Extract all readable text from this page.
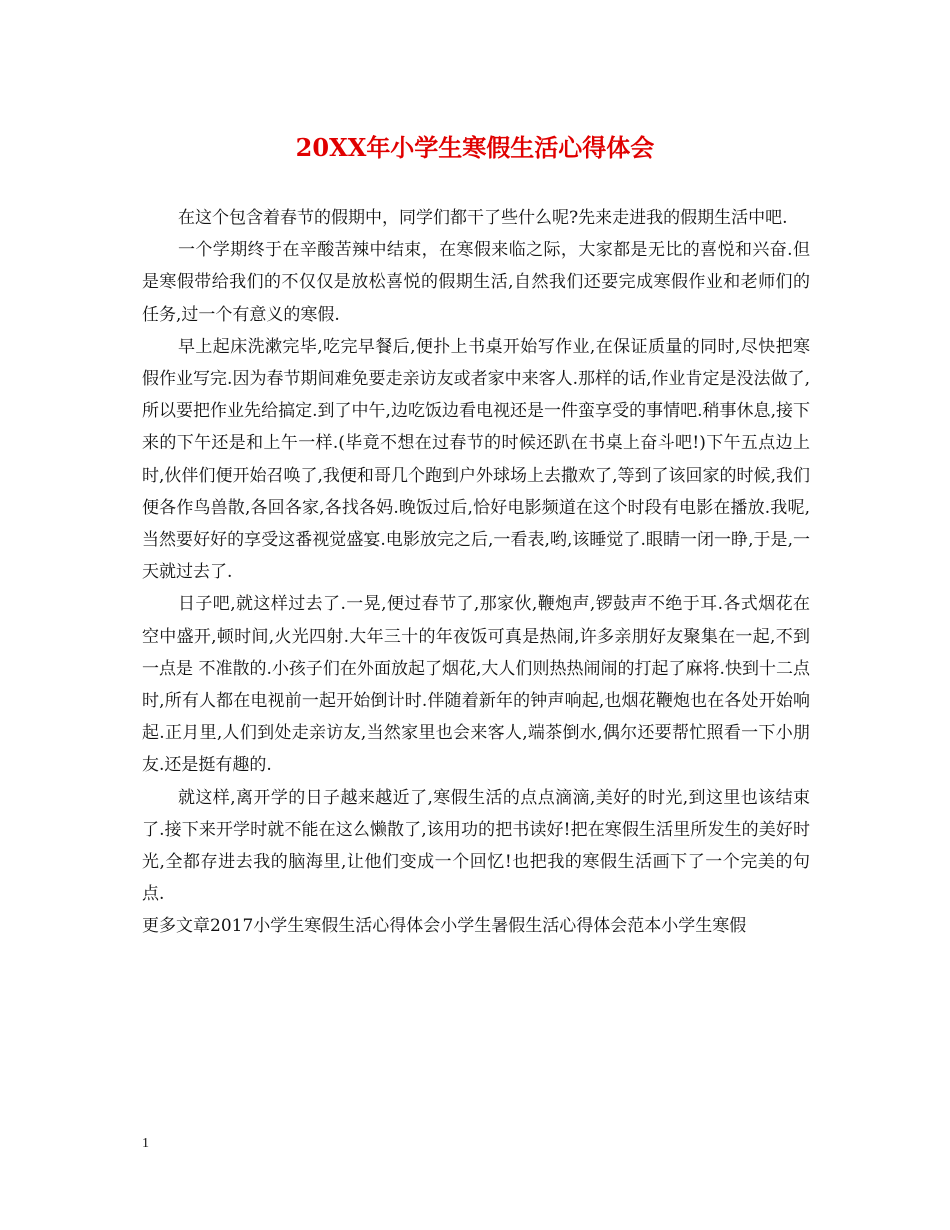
20XX年小学生寒假生活心得体会

在这个包含着春节的假期中，同学们都干了些什么呢?先来走进我的假期生活中吧.

一个学期终于在辛酸苦辣中结束，在寒假来临之际，大家都是无比的喜悦和兴奋.但是寒假带给我们的不仅仅是放松喜悦的假期生活,自然我们还要完成寒假作业和老师们的任务,过一个有意义的寒假.

早上起床洗漱完毕,吃完早餐后,便扑上书桌开始写作业,在保证质量的同时,尽快把寒假作业写完.因为春节期间难免要走亲访友或者家中来客人.那样的话,作业肯定是没法做了,所以要把作业先给搞定.到了中午,边吃饭边看电视还是一件蛮享受的事情吧.稍事休息,接下来的下午还是和上午一样.(毕竟不想在过春节的时候还趴在书桌上奋斗吧!)下午五点边上时,伙伴们便开始召唤了,我便和哥几个跑到户外球场上去撒欢了,等到了该回家的时候,我们便各作鸟兽散,各回各家,各找各妈.晚饭过后,恰好电影频道在这个时段有电影在播放.我呢,当然要好好的享受这番视觉盛宴.电影放完之后,一看表,哟,该睡觉了.眼睛一闭一睁,于是,一天就过去了.

日子吧,就这样过去了.一晃,便过春节了,那家伙,鞭炮声,锣鼓声不绝于耳.各式烟花在空中盛开,顿时间,火光四射.大年三十的年夜饭可真是热闹,许多亲朋好友聚集在一起,不到一点是 不准散的.小孩子们在外面放起了烟花,大人们则热热闹闹的打起了麻将.快到十二点时,所有人都在电视前一起开始倒计时.伴随着新年的钟声响起,也烟花鞭炮也在各处开始响起.正月里,人们到处走亲访友,当然家里也会来客人,端茶倒水,偶尔还要帮忙照看一下小朋友.还是挺有趣的.

就这样,离开学的日子越来越近了,寒假生活的点点滴滴,美好的时光,到这里也该结束了.接下来开学时就不能在这么懒散了,该用功的把书读好!把在寒假生活里所发生的美好时光,全都存进去我的脑海里,让他们变成一个回忆!也把我的寒假生活画下了一个完美的句点.

更多文章2017小学生寒假生活心得体会小学生暑假生活心得体会范本小学生寒假

1
